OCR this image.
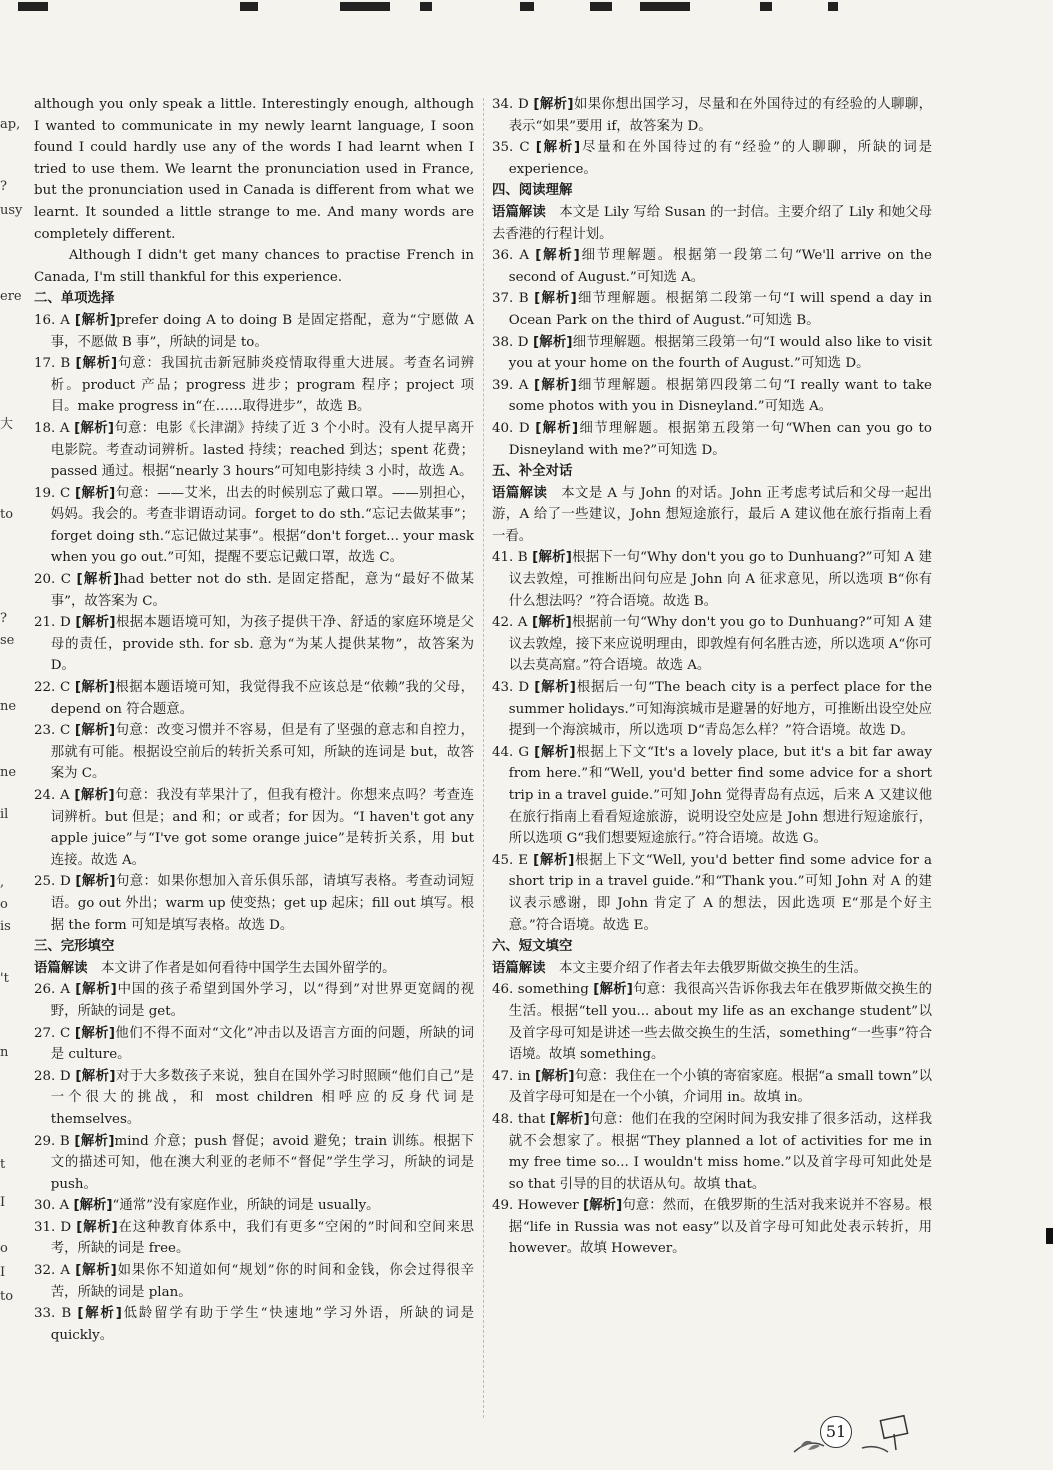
ap,
?
usy
ere
大
to
?
se
ne
ne
il
,
o
is
't
n
t
I
o
I
to

although you only speak a little. Interestingly enough, although I wanted to communicate in my newly learnt language, I soon found I could hardly use any of the words I had learnt when I tried to use them. We learnt the pronunciation used in France, but the pronunciation used in Canada is different from what we learnt. It sounded a little strange to me. And many words are completely different.

Although I didn't get many chances to practise French in Canada, I'm still thankful for this experience.

二、单项选择

16. A [解析]prefer doing A to doing B 是固定搭配，意为“宁愿做 A 事，不愿做 B 事”，所缺的词是 to。

17. B [解析]句意：我国抗击新冠肺炎疫情取得重大进展。考查名词辨析。product 产品；progress 进步；program 程序；project 项目。make progress in“在……取得进步”，故选 B。

18. A [解析]句意：电影《长津湖》持续了近 3 个小时。没有人提早离开电影院。考查动词辨析。lasted 持续；reached 到达；spent 花费；passed 通过。根据“nearly 3 hours”可知电影持续 3 小时，故选 A。

19. C [解析]句意：——艾米，出去的时候别忘了戴口罩。——别担心，妈妈。我会的。考查非谓语动词。forget to do sth.“忘记去做某事”；forget doing sth.“忘记做过某事”。根据“don't forget... your mask when you go out.”可知，提醒不要忘记戴口罩，故选 C。

20. C [解析]had better not do sth. 是固定搭配，意为“最好不做某事”，故答案为 C。

21. D [解析]根据本题语境可知，为孩子提供干净、舒适的家庭环境是父母的责任，provide sth. for sb. 意为“为某人提供某物”，故答案为 D。

22. C [解析]根据本题语境可知，我觉得我不应该总是“依赖”我的父母，depend on 符合题意。

23. C [解析]句意：改变习惯并不容易，但是有了坚强的意志和自控力，那就有可能。根据设空前后的转折关系可知，所缺的连词是 but，故答案为 C。

24. A [解析]句意：我没有苹果汁了，但我有橙汁。你想来点吗？考查连词辨析。but 但是；and 和；or 或者；for 因为。“I haven't got any apple juice”与“I've got some orange juice”是转折关系，用 but 连接。故选 A。

25. D [解析]句意：如果你想加入音乐俱乐部，请填写表格。考查动词短语。go out 外出；warm up 使变热；get up 起床；fill out 填写。根据 the form 可知是填写表格。故选 D。

三、完形填空

语篇解读　 本文讲了作者是如何看待中国学生去国外留学的。

26. A [解析]中国的孩子希望到国外学习，以“得到”对世界更宽阔的视野，所缺的词是 get。

27. C [解析]他们不得不面对“文化”冲击以及语言方面的问题，所缺的词是 culture。

28. D [解析]对于大多数孩子来说，独自在国外学习时照顾“他们自己”是一个很大的挑战，和 most children 相呼应的反身代词是 themselves。

29. B [解析]mind 介意；push 督促；avoid 避免；train 训练。根据下文的描述可知，他在澳大利亚的老师不“督促”学生学习，所缺的词是 push。

30. A [解析]“通常”没有家庭作业，所缺的词是 usually。

31. D [解析]在这种教育体系中，我们有更多“空闲的”时间和空间来思考，所缺的词是 free。

32. A [解析]如果你不知道如何“规划”你的时间和金钱，你会过得很辛苦，所缺的词是 plan。

33. B [解析]低龄留学有助于学生“快速地”学习外语，所缺的词是 quickly。

34. D [解析]如果你想出国学习，尽量和在外国待过的有经验的人聊聊，表示“如果”要用 if，故答案为 D。

35. C [解析]尽量和在外国待过的有“经验”的人聊聊，所缺的词是 experience。

四、阅读理解

语篇解读　 本文是 Lily 写给 Susan 的一封信。主要介绍了 Lily 和她父母去香港的行程计划。

36. A [解析]细节理解题。根据第一段第二句“We'll arrive on the second of August.”可知选 A。

37. B [解析]细节理解题。根据第二段第一句“I will spend a day in Ocean Park on the third of August.”可知选 B。

38. D [解析]细节理解题。根据第三段第一句“I would also like to visit you at your home on the fourth of August.”可知选 D。

39. A [解析]细节理解题。根据第四段第二句“I really want to take some photos with you in Disneyland.”可知选 A。

40. D [解析]细节理解题。根据第五段第一句“When can you go to Disneyland with me?”可知选 D。

五、补全对话

语篇解读　 本文是 A 与 John 的对话。John 正考虑考试后和父母一起出游，A 给了一些建议，John 想短途旅行，最后 A 建议他在旅行指南上看一看。

41. B [解析]根据下一句“Why don't you go to Dunhuang?”可知 A 建议去敦煌，可推断出问句应是 John 向 A 征求意见，所以选项 B“你有什么想法吗？”符合语境。故选 B。

42. A [解析]根据前一句“Why don't you go to Dunhuang?”可知 A 建议去敦煌，接下来应说明理由，即敦煌有何名胜古迹，所以选项 A“你可以去莫高窟。”符合语境。故选 A。

43. D [解析]根据后一句“The beach city is a perfect place for the summer holidays.”可知海滨城市是避暑的好地方，可推断出设空处应提到一个海滨城市，所以选项 D“青岛怎么样？”符合语境。故选 D。

44. G [解析]根据上下文“It's a lovely place, but it's a bit far away from here.”和“Well, you'd better find some advice for a short trip in a travel guide.”可知 John 觉得青岛有点远，后来 A 又建议他在旅行指南上看看短途旅游，说明设空处应是 John 想进行短途旅行，所以选项 G“我们想要短途旅行。”符合语境。故选 G。

45. E [解析]根据上下文“Well, you'd better find some advice for a short trip in a travel guide.”和“Thank you.”可知 John 对 A 的建议表示感谢，即 John 肯定了 A 的想法，因此选项 E“那是个好主意。”符合语境。故选 E。

六、短文填空

语篇解读　 本文主要介绍了作者去年去俄罗斯做交换生的生活。

46. something [解析]句意：我很高兴告诉你我去年在俄罗斯做交换生的生活。根据“tell you... about my life as an exchange student”以及首字母可知是讲述一些去做交换生的生活，something“一些事”符合语境。故填 something。

47. in [解析]句意：我住在一个小镇的寄宿家庭。根据“a small town”以及首字母可知是在一个小镇，介词用 in。故填 in。

48. that [解析]句意：他们在我的空闲时间为我安排了很多活动，这样我就不会想家了。根据“They planned a lot of activities for me in my free time so... I wouldn't miss home.”以及首字母可知此处是 so that 引导的目的状语从句。故填 that。

49. However [解析]句意：然而，在俄罗斯的生活对我来说并不容易。根据“life in Russia was not easy”以及首字母可知此处表示转折，用 however。故填 However。

51
